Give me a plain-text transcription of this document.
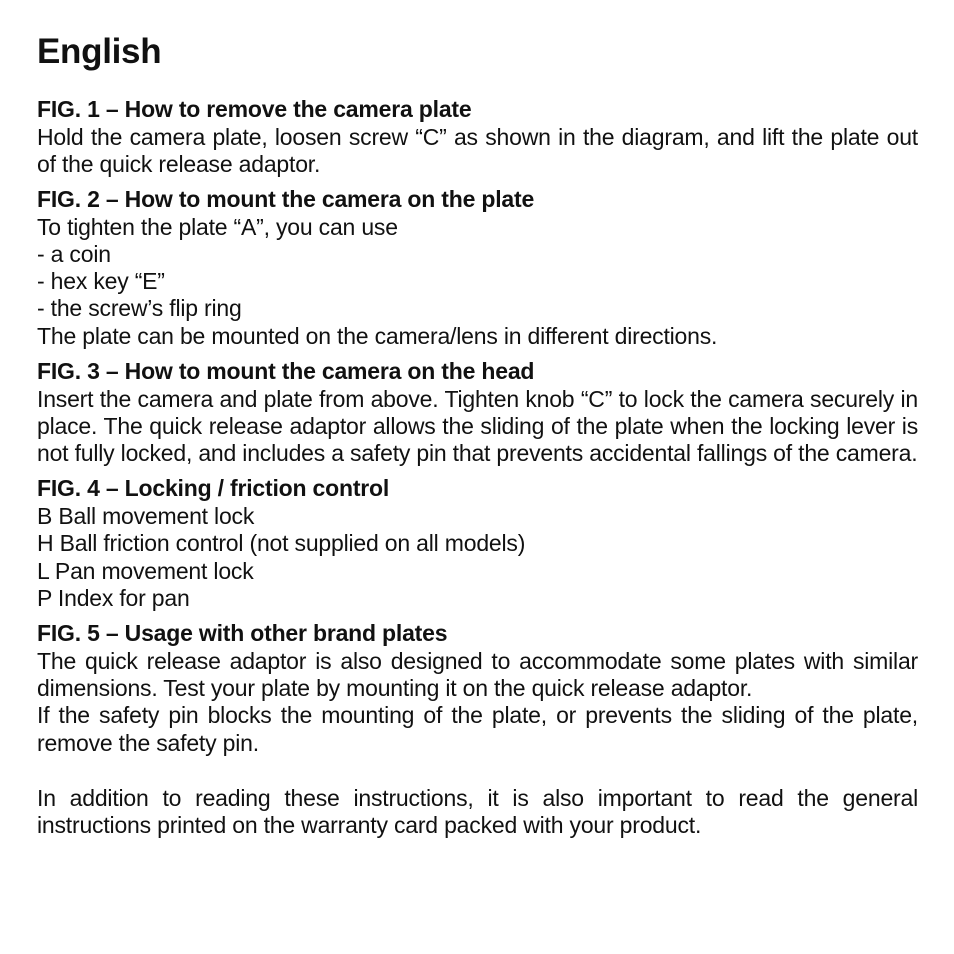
English

FIG. 1 – How to remove the camera plate

Hold the camera plate, loosen screw “C” as shown in the diagram, and lift the plate out of the quick release adaptor.

FIG. 2 – How to mount the camera on the plate

To tighten the plate “A”, you can use

- a coin

- hex key “E”

- the screw’s flip ring

The plate can be mounted on the camera/lens in different directions.

FIG. 3 – How to mount the camera on the head

Insert the camera and plate from above. Tighten knob “C” to lock the camera securely in place. The quick release adaptor allows the sliding of the plate when the locking lever is not fully locked, and includes a safety pin that prevents accidental fallings of the camera.

FIG. 4 – Locking / friction control

B Ball movement lock

H Ball friction control (not supplied on all models)

L Pan movement lock

P Index for pan

FIG. 5 – Usage with other brand plates

The quick release adaptor is also designed to accommodate some plates with similar dimensions. Test your plate by mounting it on the quick release adaptor.

If the safety pin blocks the mounting of the plate, or prevents the sliding of the plate, remove the safety pin.

In addition to reading these instructions, it is also important to read the general instructions printed on the warranty card packed with your product.
